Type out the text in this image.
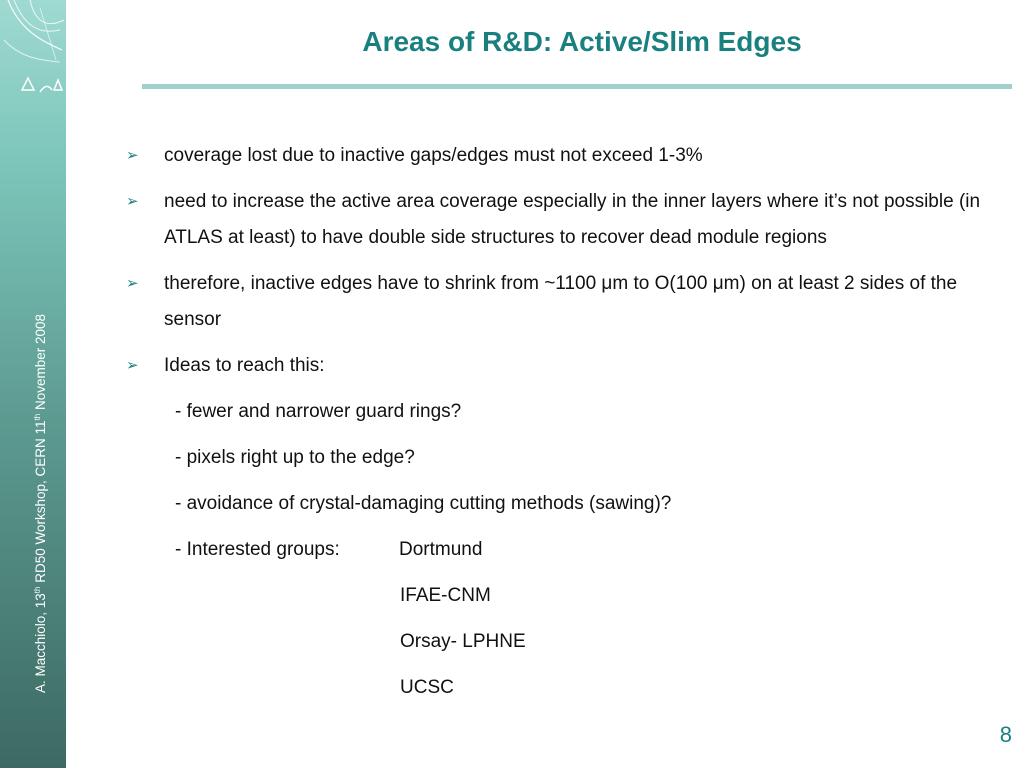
A. Macchiolo, 13th RD50 Workshop, CERN 11th November 2008
Areas of R&D: Active/Slim Edges
➢ coverage lost due to inactive gaps/edges must not exceed 1-3%
➢ need to increase the active area coverage especially in the inner layers where it’s not possible (in ATLAS at least) to have double side structures to recover dead module regions
➢ therefore, inactive edges have to shrink from ~1100 μm to O(100 μm) on at least 2 sides of the sensor
➢ Ideas to reach this:
- fewer and narrower guard rings?
- pixels right up to the edge?
- avoidance of crystal-damaging cutting methods (sawing)?
- Interested groups:	Dortmund
IFAE-CNM
Orsay- LPHNE
UCSC
8
